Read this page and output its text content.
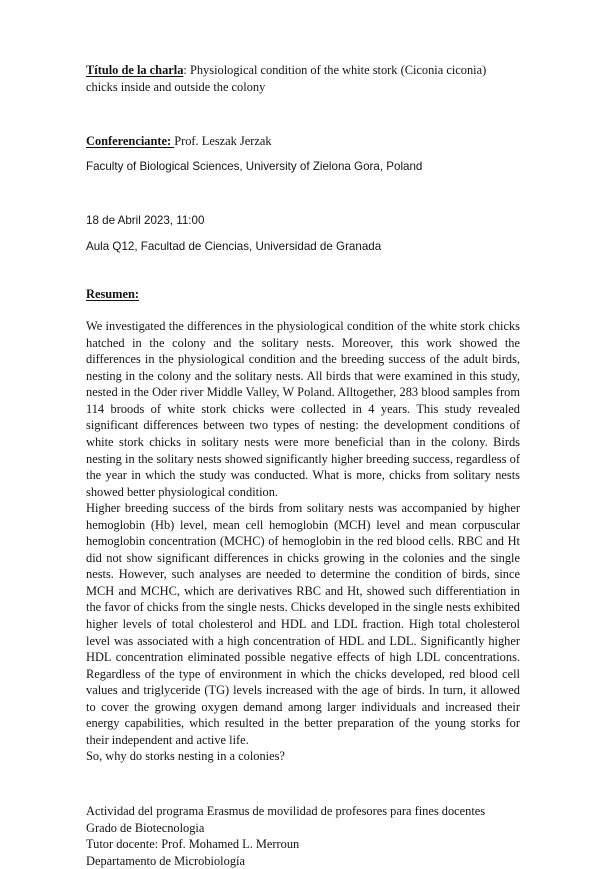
Título de la charla: Physiological condition of the white stork (Ciconia ciconia) chicks inside and outside the colony

Conferenciante: Prof. Leszak Jerzak

Faculty of Biological Sciences, University of Zielona Gora, Poland

18 de Abril 2023, 11:00

Aula Q12, Facultad de Ciencias, Universidad de Granada

Resumen:

We investigated the differences in the physiological condition of the white stork chicks hatched in the colony and the solitary nests. Moreover, this work showed the differences in the physiological condition and the breeding success of the adult birds, nesting in the colony and the solitary nests. All birds that were examined in this study, nested in the Oder river Middle Valley, W Poland. Alltogether, 283 blood samples from 114 broods of white stork chicks were collected in 4 years. This study revealed significant differences between two types of nesting: the development conditions of white stork chicks in solitary nests were more beneficial than in the colony. Birds nesting in the solitary nests showed significantly higher breeding success, regardless of the year in which the study was conducted. What is more, chicks from solitary nests showed better physiological condition.

Higher breeding success of the birds from solitary nests was accompanied by higher hemoglobin (Hb) level, mean cell hemoglobin (MCH) level and mean corpuscular hemoglobin concentration (MCHC) of hemoglobin in the red blood cells. RBC and Ht did not show significant differences in chicks growing in the colonies and the single nests. However, such analyses are needed to determine the condition of birds, since MCH and MCHC, which are derivatives RBC and Ht, showed such differentiation in the favor of chicks from the single nests. Chicks developed in the single nests exhibited higher levels of total cholesterol and HDL and LDL fraction. High total cholesterol level was associated with a high concentration of HDL and LDL. Significantly higher HDL concentration eliminated possible negative effects of high LDL concentrations. Regardless of the type of environment in which the chicks developed, red blood cell values and triglyceride (TG) levels increased with the age of birds. In turn, it allowed to cover the growing oxygen demand among larger individuals and increased their energy capabilities, which resulted in the better preparation of the young storks for their independent and active life.

So, why do storks nesting in a colonies?

Actividad del programa Erasmus de movilidad de profesores para fines docentes
Grado de Biotecnologia
Tutor docente: Prof. Mohamed L. Merroun
Departamento de Microbiología
